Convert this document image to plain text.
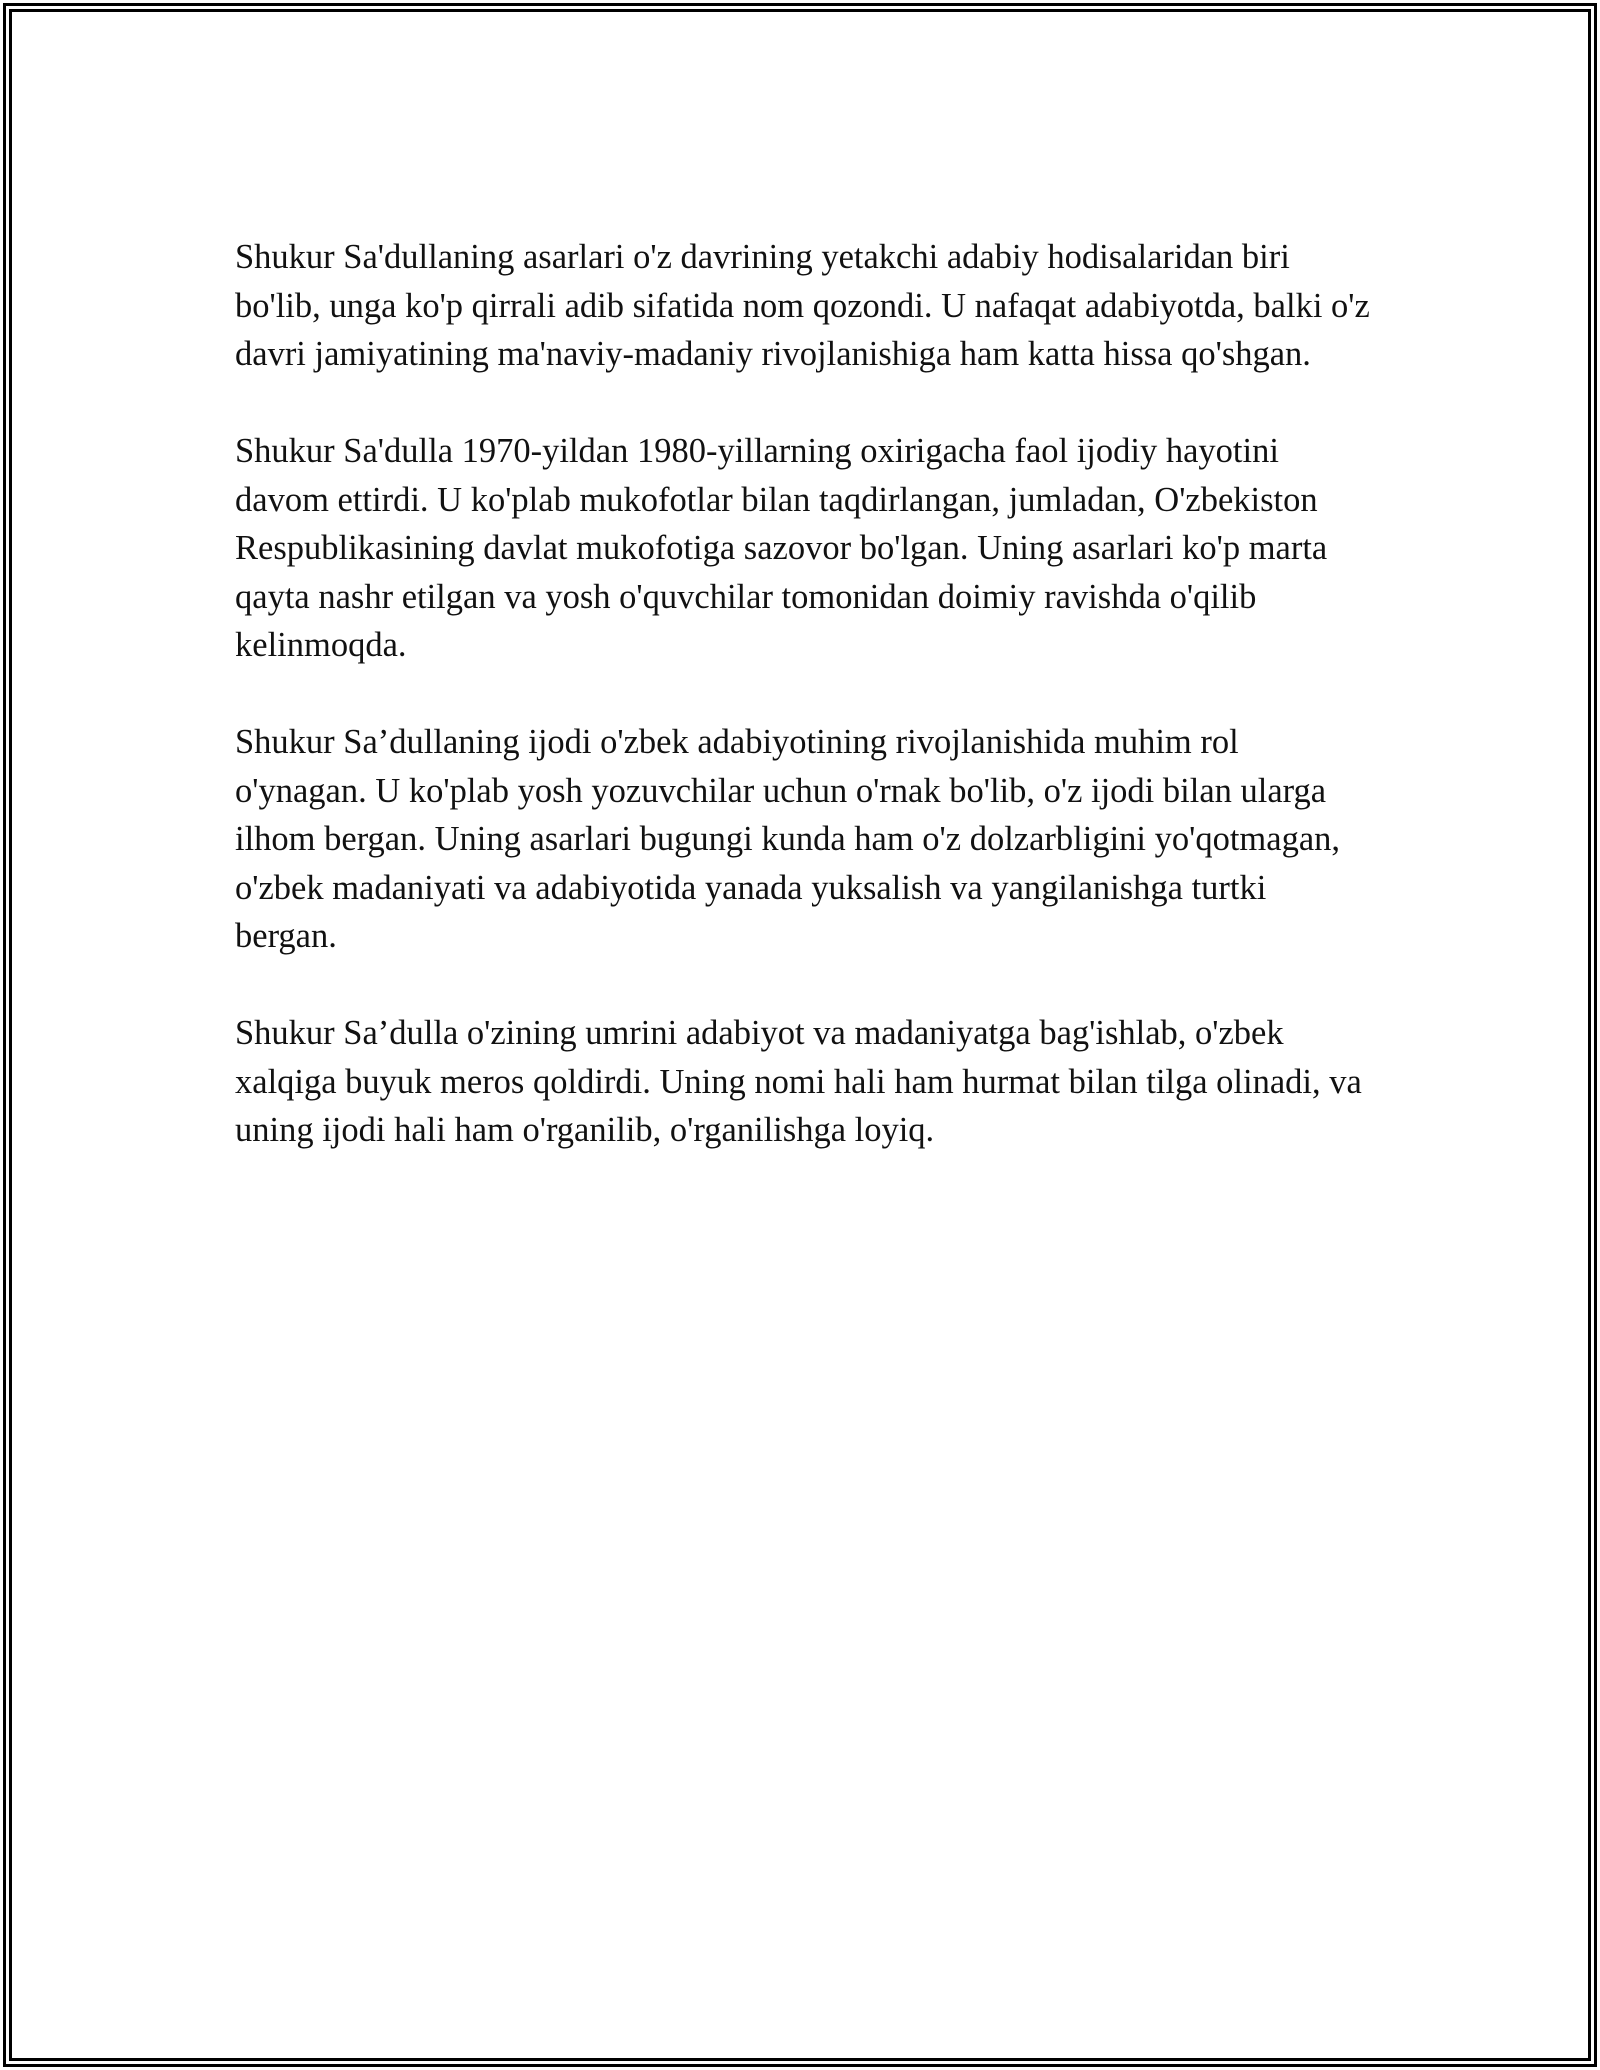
Shukur Sa'dullaning asarlari o'z davrining yetakchi adabiy hodisalaridan biri bo'lib, unga ko'p qirrali adib sifatida nom qozondi. U nafaqat adabiyotda, balki o'z davri jamiyatining ma'naviy-madaniy rivojlanishiga ham katta hissa qo'shgan.

Shukur Sa'dulla 1970-yildan 1980-yillarning oxirigacha faol ijodiy hayotini davom ettirdi. U ko'plab mukofotlar bilan taqdirlangan, jumladan, O'zbekiston Respublikasining davlat mukofotiga sazovor bo'lgan. Uning asarlari ko'p marta qayta nashr etilgan va yosh o'quvchilar tomonidan doimiy ravishda o'qilib kelinmoqda.

Shukur Sa’dullaning ijodi o'zbek adabiyotining rivojlanishida muhim rol o'ynagan. U ko'plab yosh yozuvchilar uchun o'rnak bo'lib, o'z ijodi bilan ularga ilhom bergan. Uning asarlari bugungi kunda ham o'z dolzarbligini yo'qotmagan, o'zbek madaniyati va adabiyotida yanada yuksalish va yangilanishga turtki bergan.

Shukur Sa’dulla o'zining umrini adabiyot va madaniyatga bag'ishlab, o'zbek xalqiga buyuk meros qoldirdi. Uning nomi hali ham hurmat bilan tilga olinadi, va uning ijodi hali ham o'rganilib, o'rganilishga loyiq.
